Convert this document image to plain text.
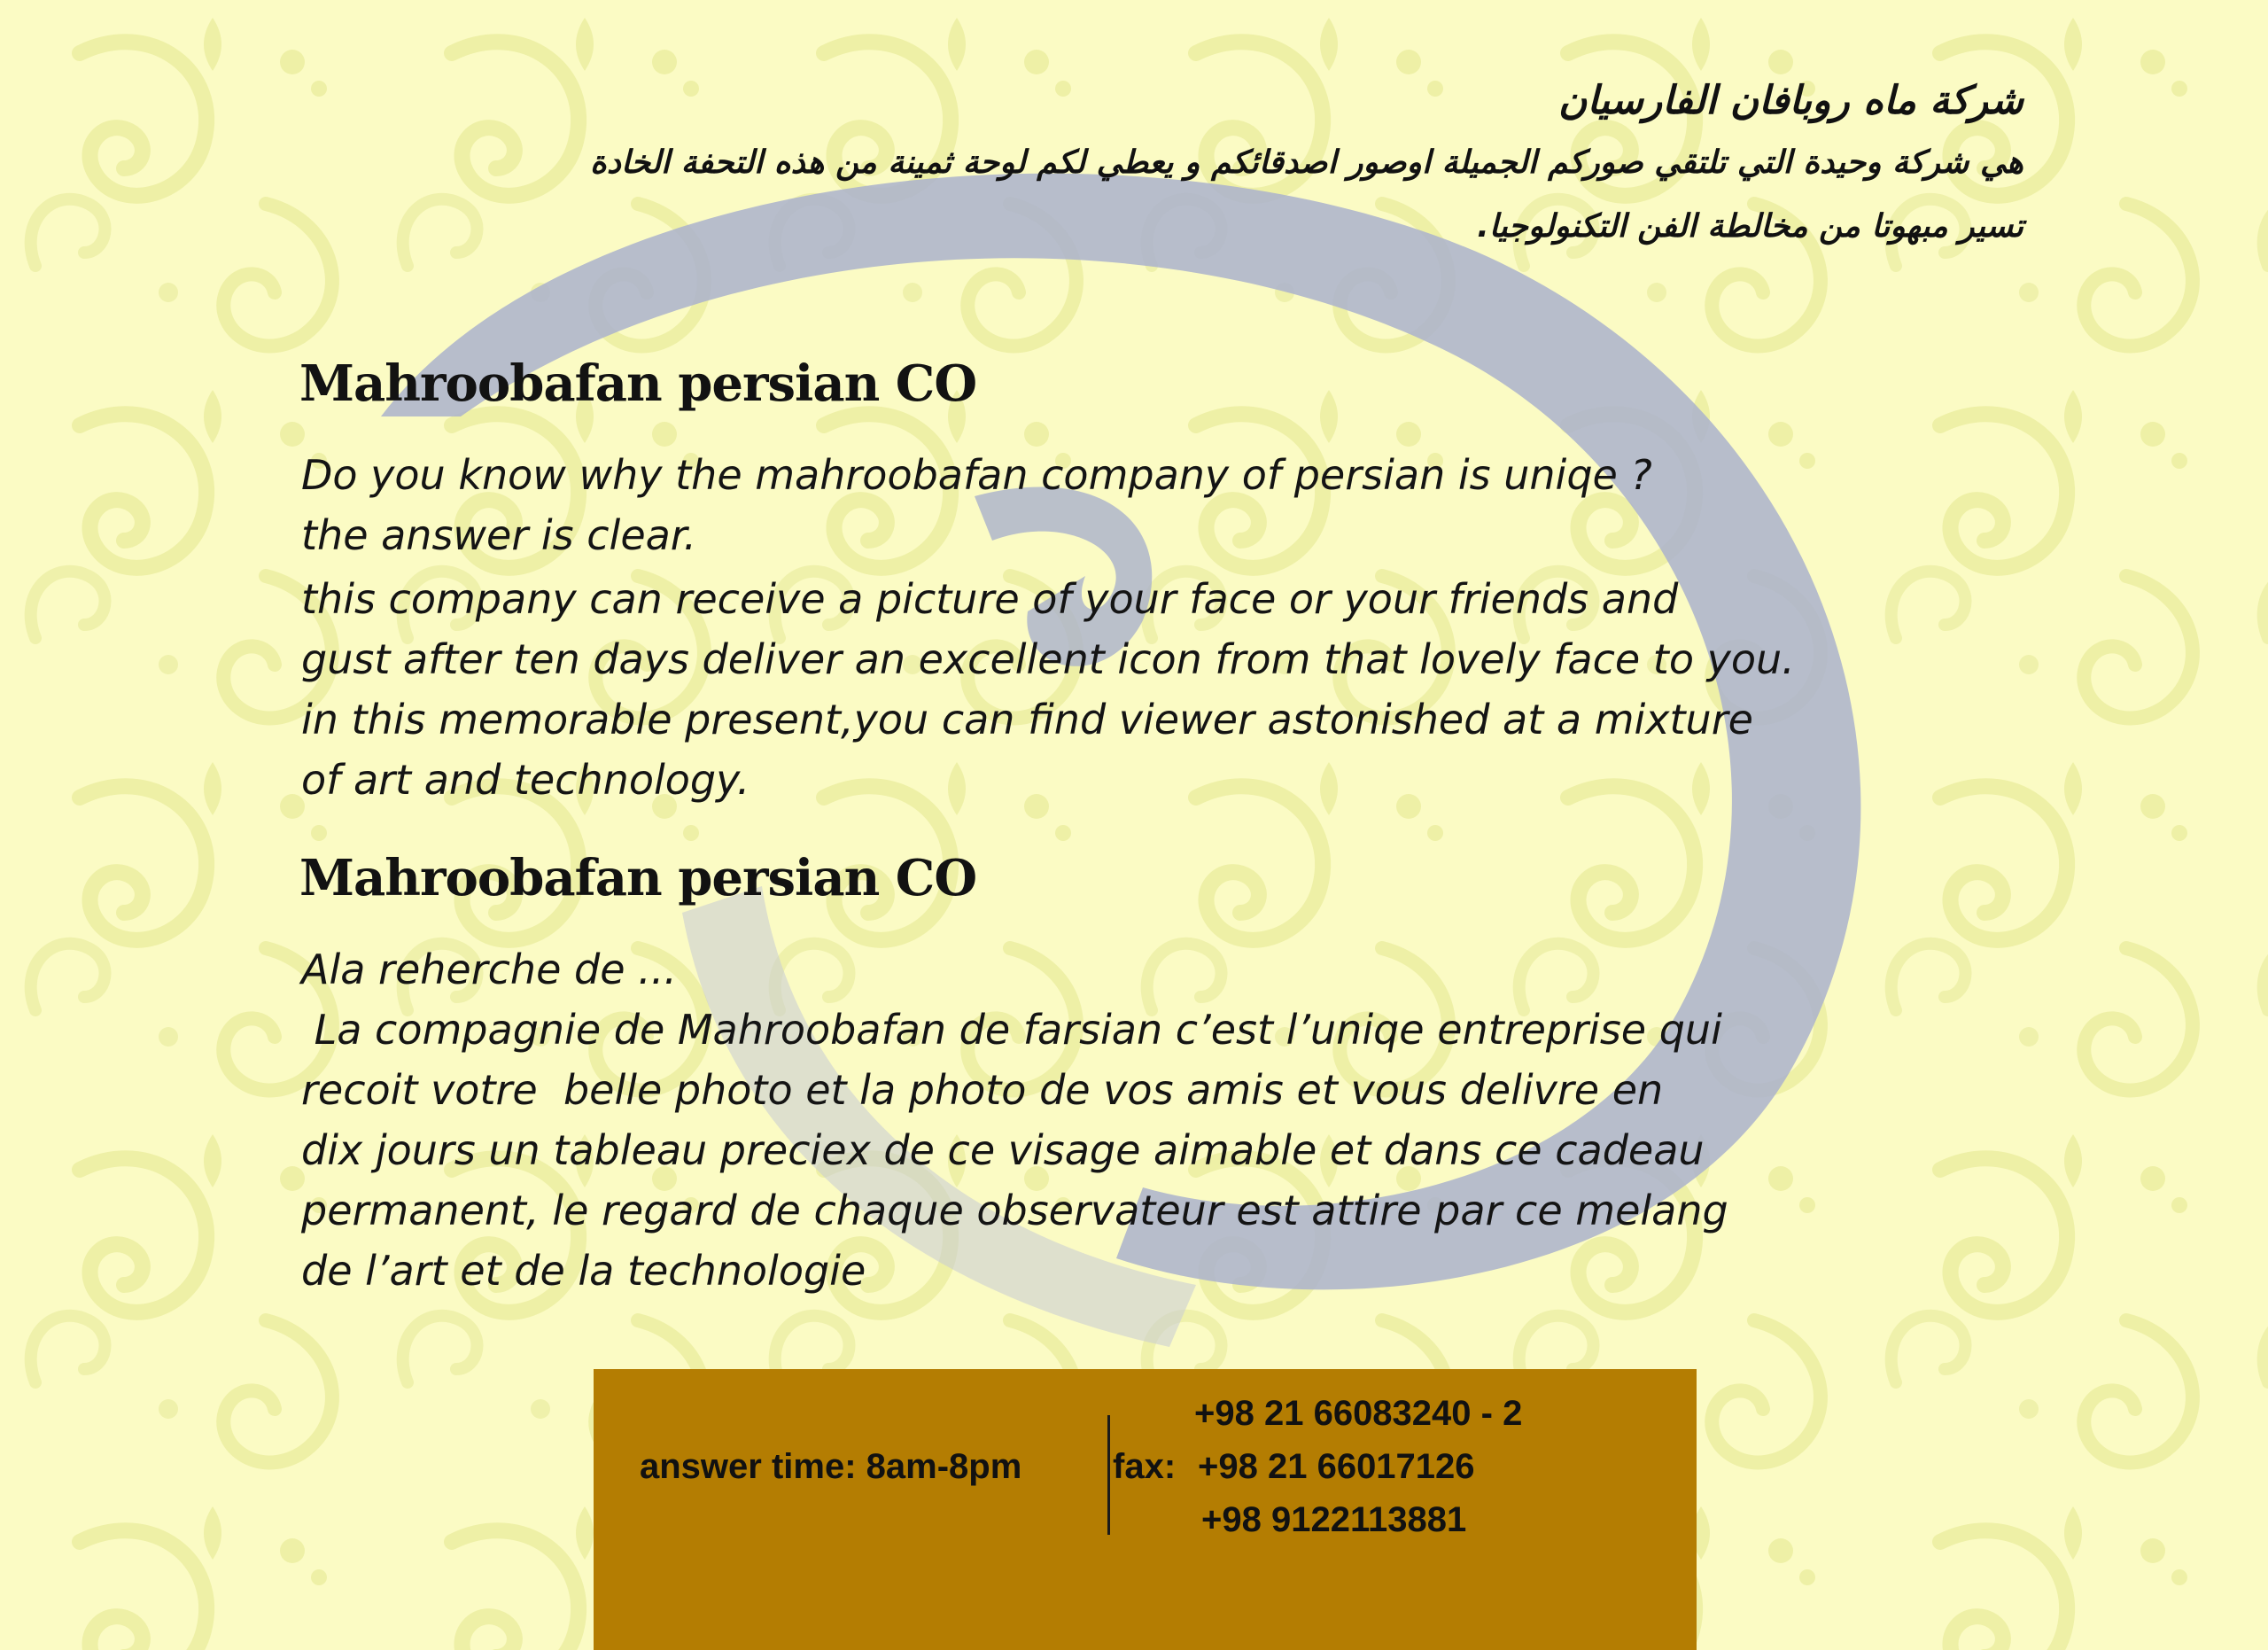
شركة ماه روبافان الفارسيان

هي شركة وحيدة التي تلتقي صوركم الجميلة اوصور اصدقائكم و يعطي لكم لوحة ثمينة من هذه التحفة الخادة

تسير مبهوتا من مخالطة الفن التكنولوجيا.

Mahroobafan persian CO
Do you know why the mahroobafan company of persian is uniqe ?
the answer is clear.
this company can receive a picture of your face or your friends and
gust after ten days deliver an excellent icon from that lovely face to you.
in this memorable present,you can find viewer astonished at a mixture
of art and technology.
Mahroobafan persian CO
Ala reherche de ...
La compagnie de Mahroobafan de farsian c’est l’uniqe entreprise qui
recoit votre  belle photo et la photo de vos amis et vous delivre en
dix jours un tableau preciex de ce visage aimable et dans ce cadeau
permanent, le regard de chaque observateur est attire par ce melang
de l’art et de la technologie
answer time: 8am-8pm	fax:
+98 21 66083240 - 2
+98 21 66017126
+98 9122113881
